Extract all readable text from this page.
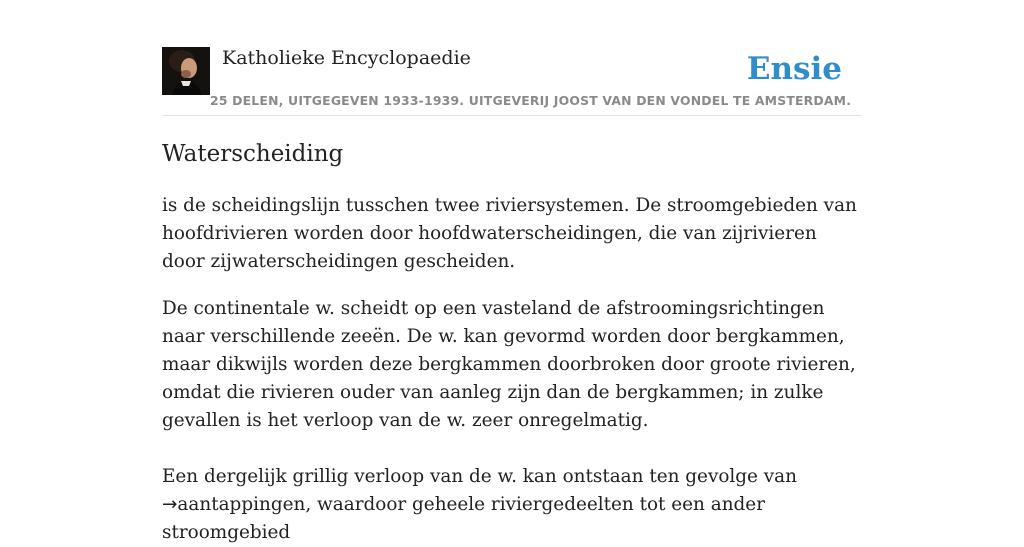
Katholieke Encyclopaedie	Ensie
25 DELEN, UITGEGEVEN 1933-1939. UITGEVERIJ JOOST VAN DEN VONDEL TE AMSTERDAM.
Waterscheiding

is de scheidingslijn tusschen twee riviersystemen. De stroomgebieden van hoofdrivieren worden door hoofdwaterscheidingen, die van zijrivieren door zijwaterscheidingen gescheiden.

De continentale w. scheidt op een vasteland de afstroomingsrichtingen naar verschillende zeeën. De w. kan gevormd worden door bergkammen, maar dikwijls worden deze bergkammen doorbroken door groote rivieren, omdat die rivieren ouder van aanleg zijn dan de bergkammen; in zulke gevallen is het verloop van de w. zeer onregelmatig.

Een dergelijk grillig verloop van de w. kan ontstaan ten gevolge van →aantappingen, waardoor geheele riviergedeelten tot een ander stroomgebied
